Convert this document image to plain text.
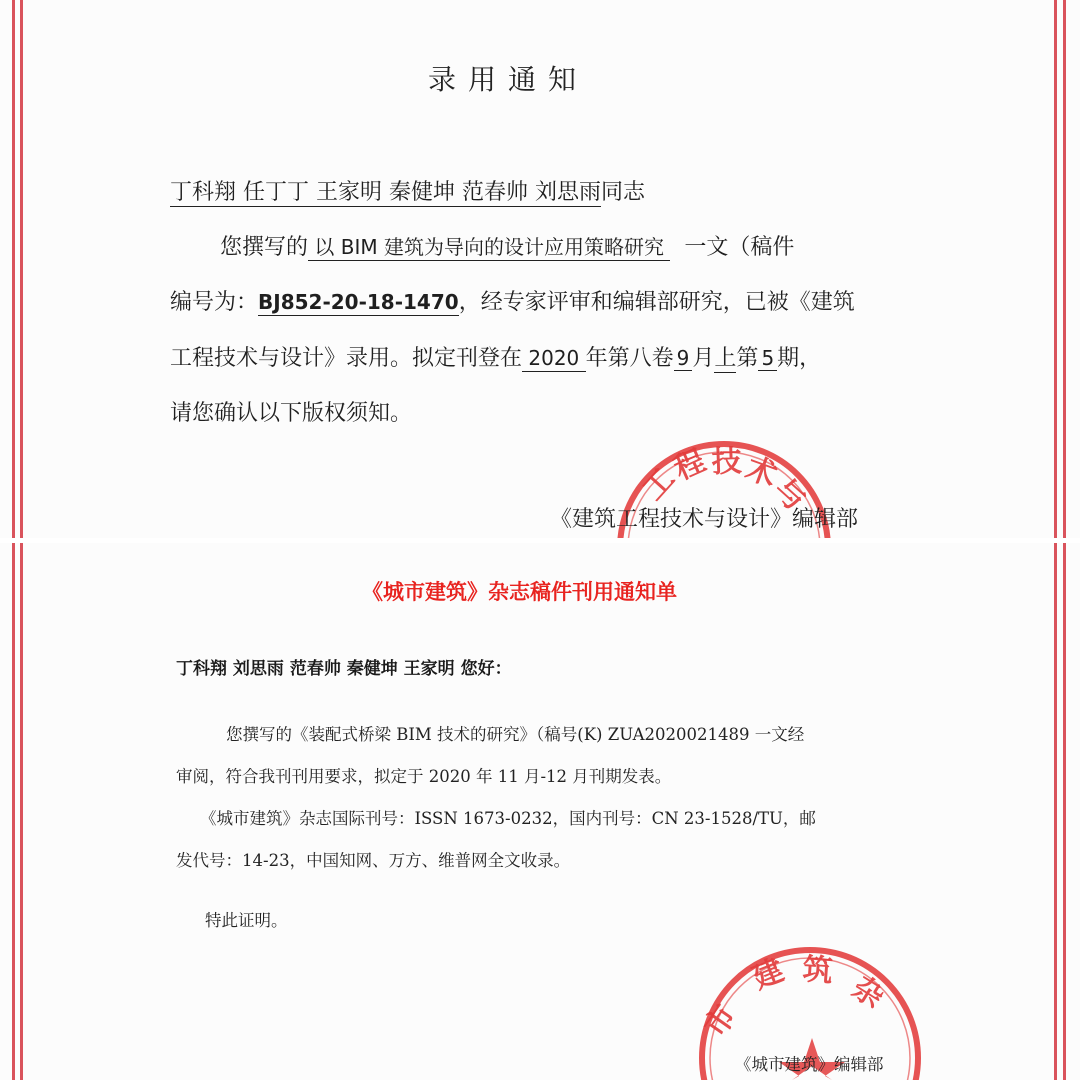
录用通知
丁科翔 任丁丁 王家明 秦健坤 范春帅 刘思雨同志
您撰写的 以 BIM 建筑为导向的设计应用策略研究 一文（稿件
编号为：BJ852-20-18-1470，经专家评审和编辑部研究，已被《建筑
工程技术与设计》录用。拟定刊登在 2020 年第八卷 9 月上第 5 期，
请您确认以下版权须知。
工
程 技 术
与
《建筑工程技术与设计》编辑部
《城市建筑》杂志稿件刊用通知单
丁科翔 刘思雨 范春帅 秦健坤 王家明 您好：
您撰写的《装配式桥梁 BIM 技术的研究》（稿号(K) ZUA2020021489 一文经
审阅，符合我刊刊用要求，拟定于 2020 年 11 月-12 月刊期发表。
《城市建筑》杂志国际刊号：ISSN 1673-0232，国内刊号：CN 23-1528/TU，邮
发代号：14-23，中国知网、万方、维普网全文收录。
特此证明。
市
建 筑 杂
《城市建筑》编辑部
